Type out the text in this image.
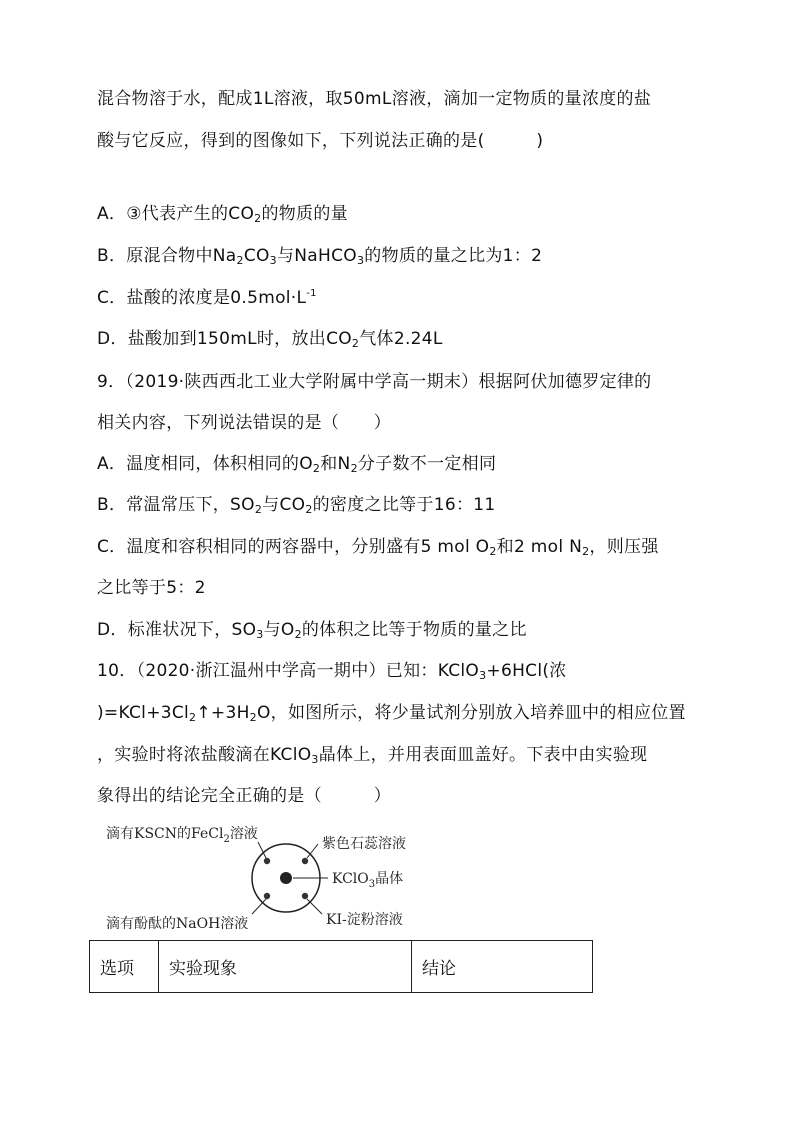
混合物溶于水，配成1L溶液，取50mL溶液，滴加一定物质的量浓度的盐
酸与它反应，得到的图像如下，下列说法正确的是(　　　)
A．③代表产生的$CO_2$的物质的量
B．原混合物中$Na_2CO_3$与NaHCO$_3$的物质的量之比为1：2
C．盐酸的浓度是$0.5mol\cdot L^{-1}$
D．盐酸加到150mL时，放出$CO_2$气体2.24L
9．（2019·陕西西北工业大学附属中学高一期末）根据阿伏加德罗定律的
相关内容，下列说法错误的是（　　）
A．温度相同，体积相同的$O_2$和$N_2$分子数不一定相同
B．常温常压下，$SO_2$与$CO_2$的密度之比等于16：11
C．温度和容积相同的两容器中，分别盛有5 mol $O_2$和2 mol $N_2$，则压强
之比等于5：2
D．标准状况下，$SO_3$与$O_2$的体积之比等于物质的量之比
10．（2020·浙江温州中学高一期中）已知：KClO$_3$+6HCl(浓
)$=KCl+3Cl_2↑+3H_2O$，如图所示，将少量试剂分别放入培养皿中的相应位置
，实验时将浓盐酸滴在KClO$_3$晶体上，并用表面皿盖好。下表中由实验现
象得出的结论完全正确的是（　　　）
滴有KSCN的FeCl$_2$溶液
紫色石蕊溶液
KClO$_3$晶体
滴有酚酞的NaOH溶液	KI-淀粉溶液
选项	实验现象	结论
